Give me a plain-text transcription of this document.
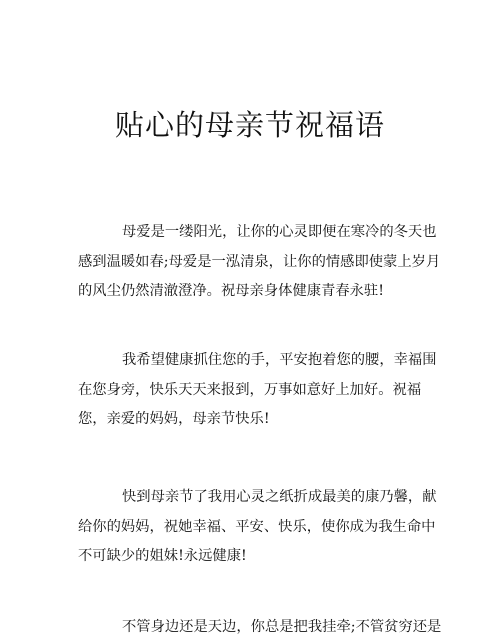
贴心的母亲节祝福语
母爱是一缕阳光，让你的心灵即便在寒冷的冬天也
感到温暖如春;母爱是一泓清泉，让你的情感即使蒙上岁月
的风尘仍然清澈澄净。祝母亲身体健康青春永驻!
我希望健康抓住您的手，平安抱着您的腰，幸福围
在您身旁，快乐天天来报到，万事如意好上加好。祝福
您，亲爱的妈妈，母亲节快乐!
快到母亲节了我用心灵之纸折成最美的康乃馨，献
给你的妈妈，祝她幸福、平安、快乐，使你成为我生命中
不可缺少的姐妹!永远健康!
不管身边还是天边，你总是把我挂牵;不管贫穷还是
